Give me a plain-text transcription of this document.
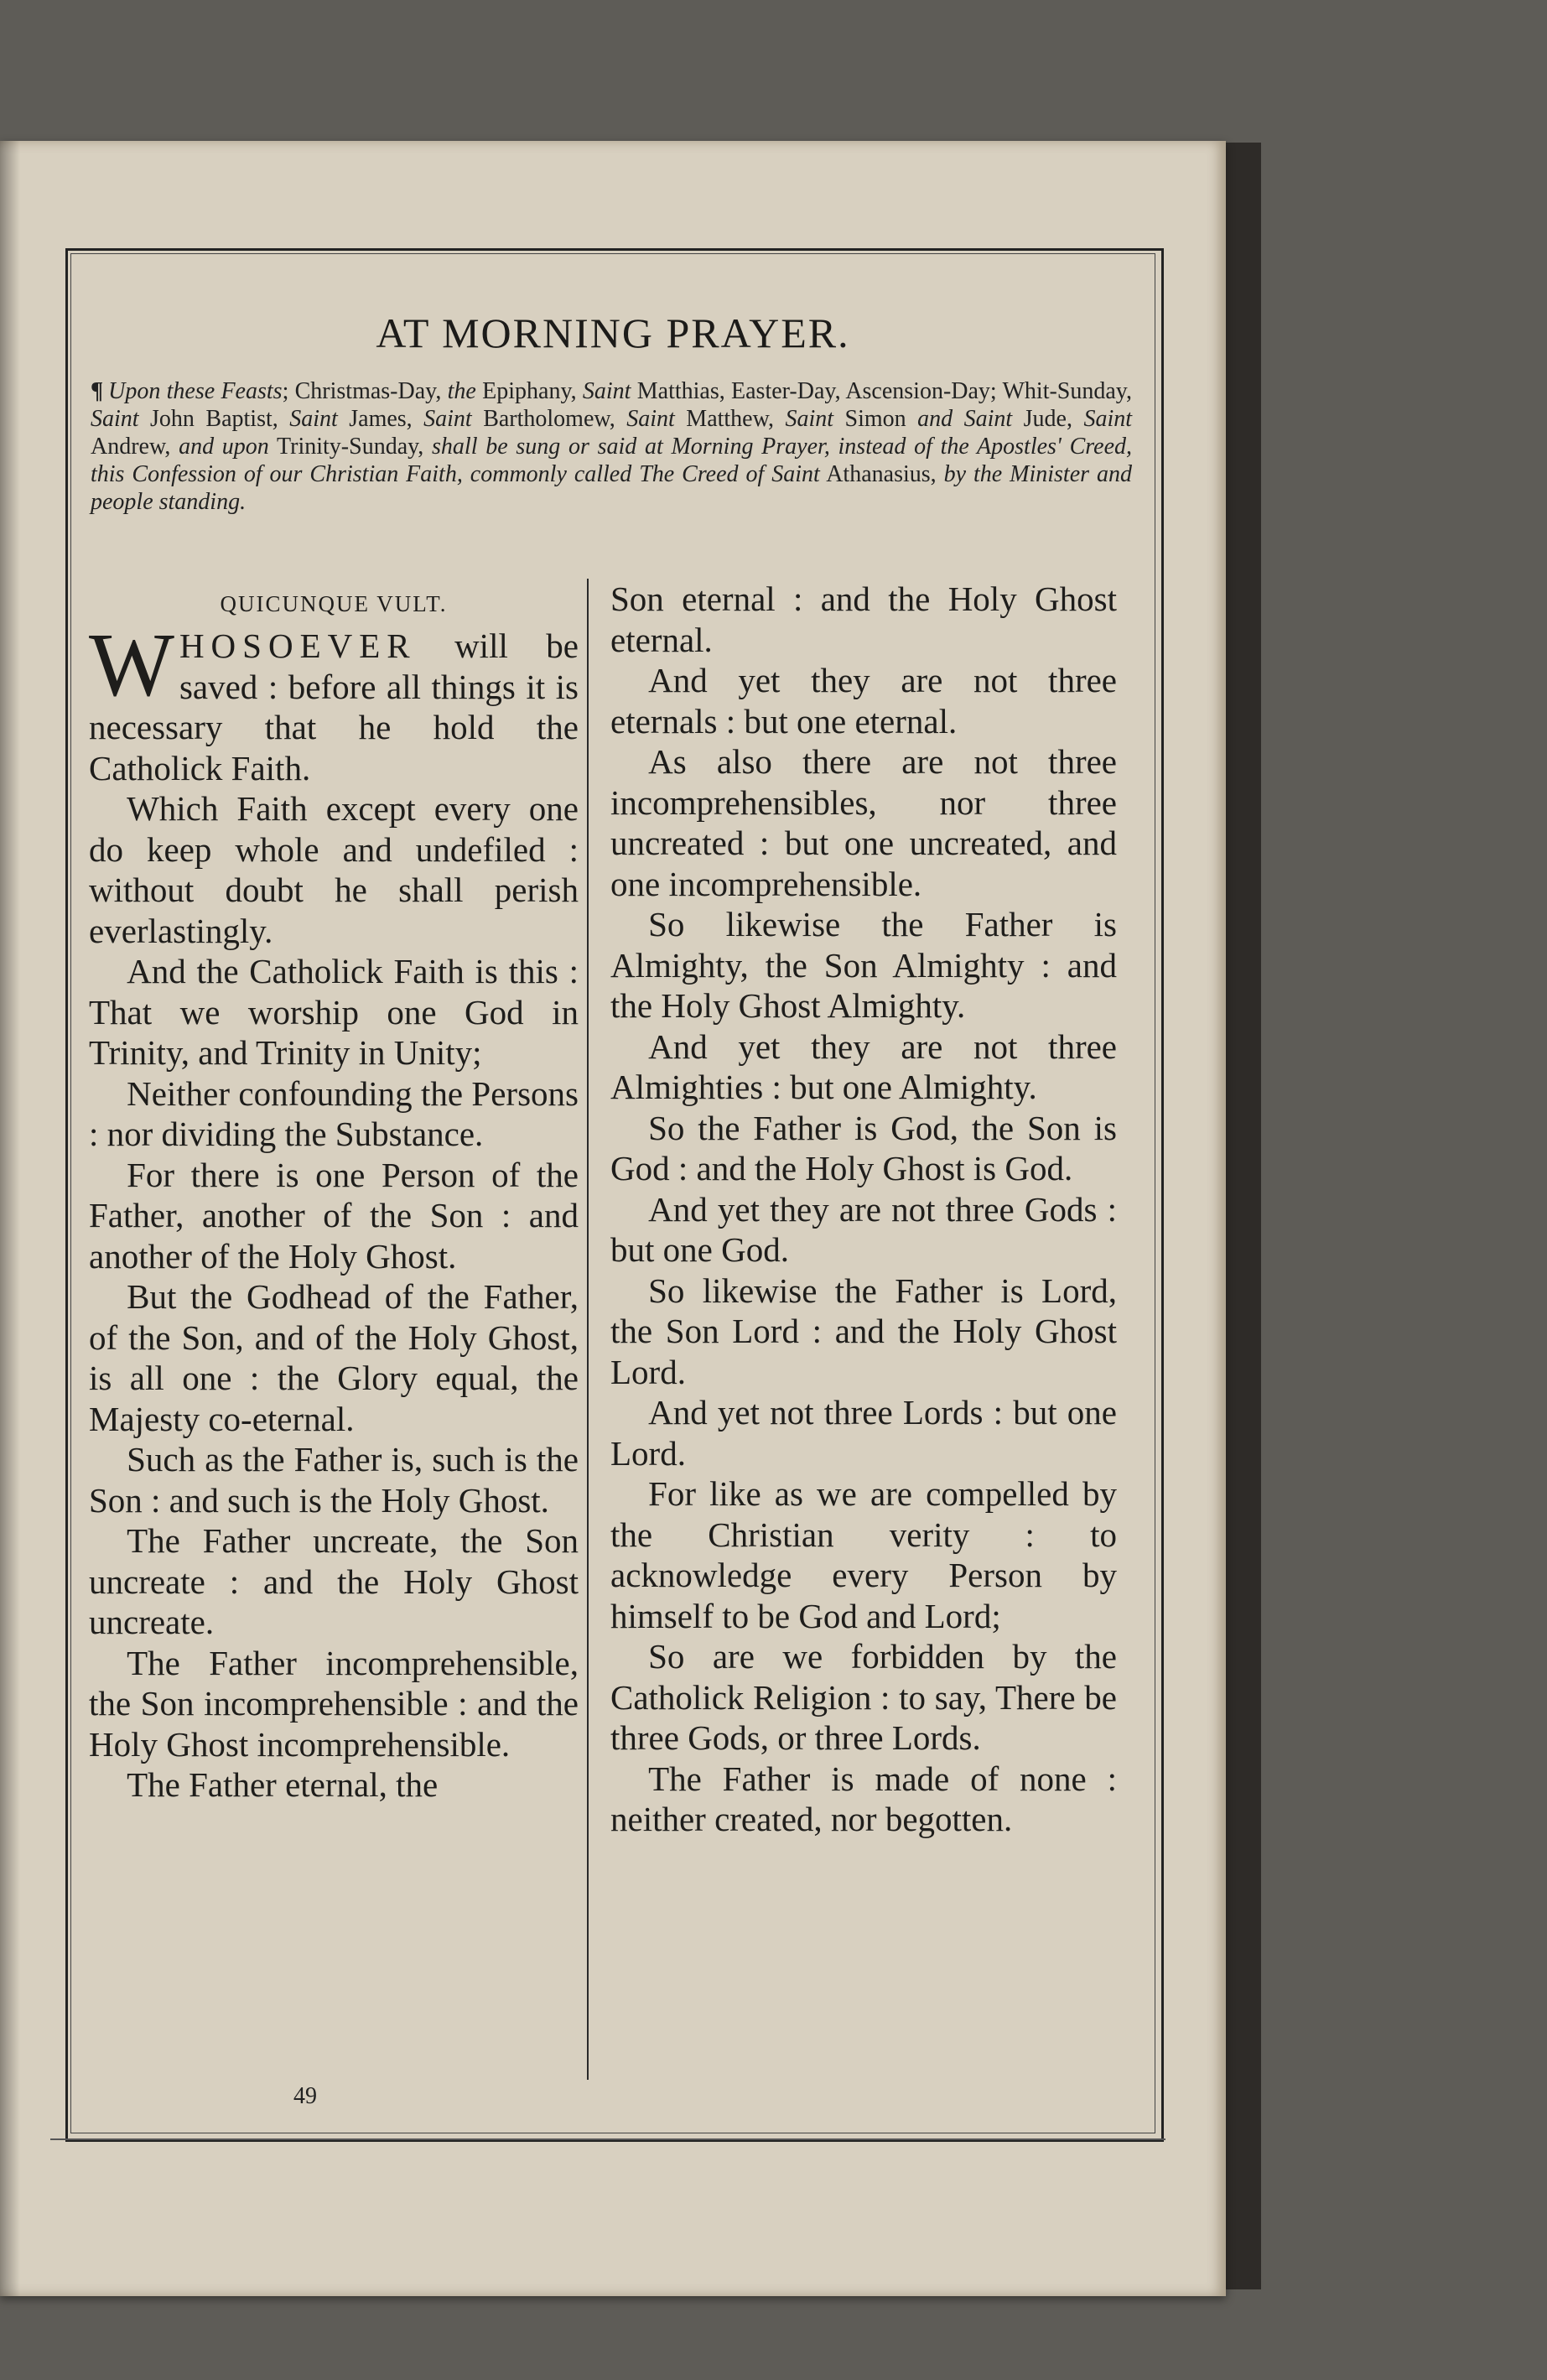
AT MORNING PRAYER.
¶ Upon these Feasts; Christmas-Day, the Epiphany, Saint Matthias, Easter-Day, Ascension-Day; Whit-Sunday, Saint John Baptist, Saint James, Saint Bartholomew, Saint Matthew, Saint Simon and Saint Jude, Saint Andrew, and upon Trinity-Sunday, shall be sung or said at Morning Prayer, instead of the Apostles' Creed, this Confession of our Christian Faith, commonly called The Creed of Saint Athanasius, by the Minister and people standing.
QUICUNQUE VULT.

WHOSOEVER will be saved : before all things it is necessary that he hold the Catholick Faith.

Which Faith except every one do keep whole and undefiled : without doubt he shall perish everlastingly.

And the Catholick Faith is this : That we worship one God in Trinity, and Trinity in Unity;

Neither confounding the Persons : nor dividing the Substance.

For there is one Person of the Father, another of the Son : and another of the Holy Ghost.

But the Godhead of the Father, of the Son, and of the Holy Ghost, is all one : the Glory equal, the Majesty co-eternal.

Such as the Father is, such is the Son : and such is the Holy Ghost.

The Father uncreate, the Son uncreate : and the Holy Ghost uncreate.

The Father incomprehensible, the Son incomprehensible : and the Holy Ghost incomprehensible.

The Father eternal, the

Son eternal : and the Holy Ghost eternal.

And yet they are not three eternals : but one eternal.

As also there are not three incomprehensibles, nor three uncreated : but one uncreated, and one incomprehensible.

So likewise the Father is Almighty, the Son Almighty : and the Holy Ghost Almighty.

And yet they are not three Almighties : but one Almighty.

So the Father is God, the Son is God : and the Holy Ghost is God.

And yet they are not three Gods : but one God.

So likewise the Father is Lord, the Son Lord : and the Holy Ghost Lord.

And yet not three Lords : but one Lord.

For like as we are compelled by the Christian verity : to acknowledge every Person by himself to be God and Lord;

So are we forbidden by the Catholick Religion : to say, There be three Gods, or three Lords.

The Father is made of none : neither created, nor begotten.

49
